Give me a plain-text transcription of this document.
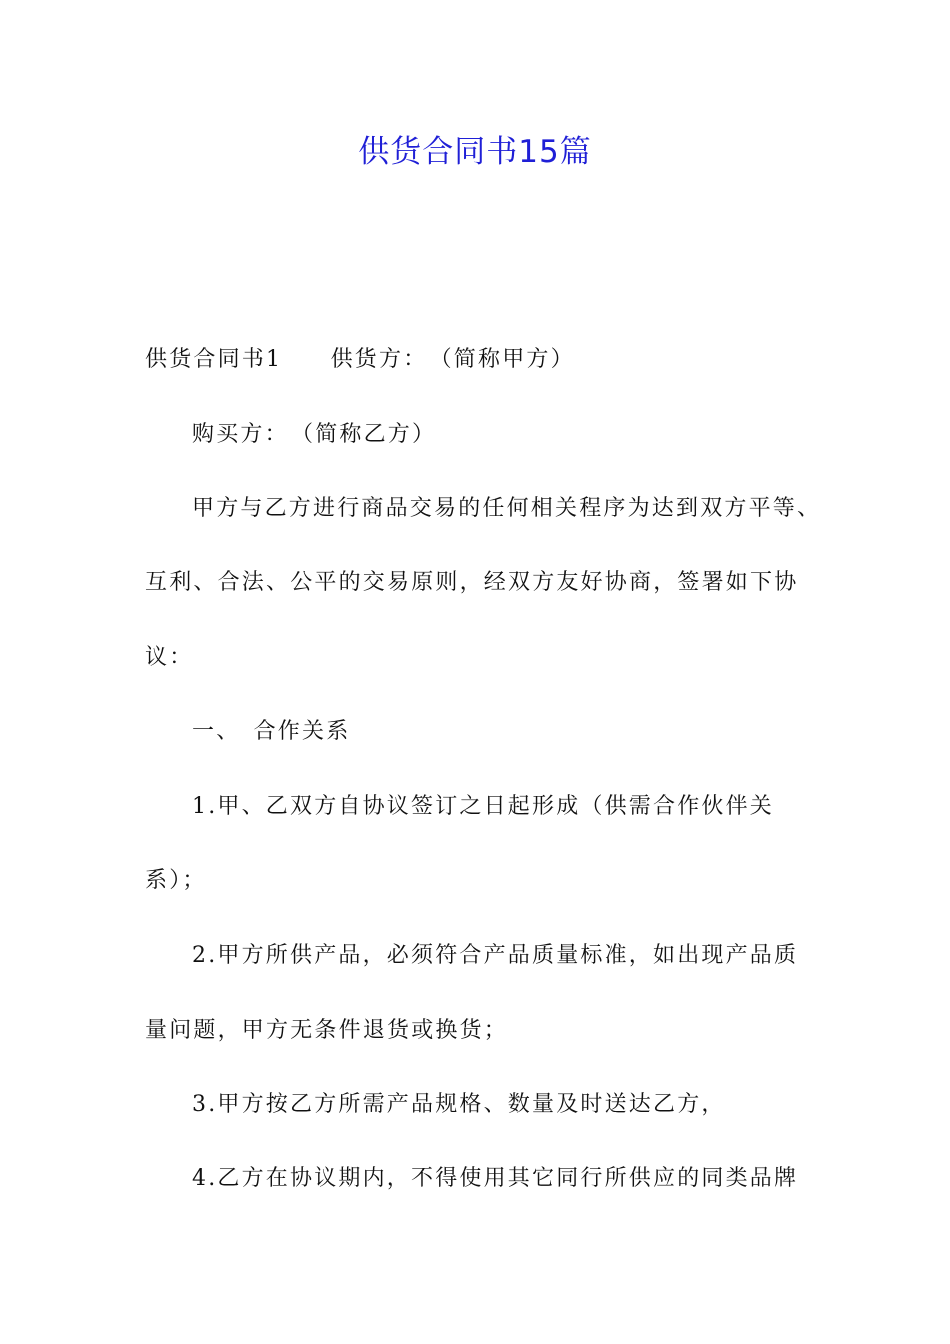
供货合同书15篇
供货合同书1　　供货方：　（简称甲方）
购买方：　（简称乙方）
甲方与乙方进行商品交易的任何相关程序为达到双方平等、
互利、合法、公平的交易原则，经双方友好协商，签署如下协
议：
一、　合作关系
1.甲、乙双方自协议签订之日起形成（供需合作伙伴关
系）；
2.甲方所供产品，必须符合产品质量标准，如出现产品质
量问题，甲方无条件退货或换货；
3.甲方按乙方所需产品规格、数量及时送达乙方，
4.乙方在协议期内，不得使用其它同行所供应的同类品牌
